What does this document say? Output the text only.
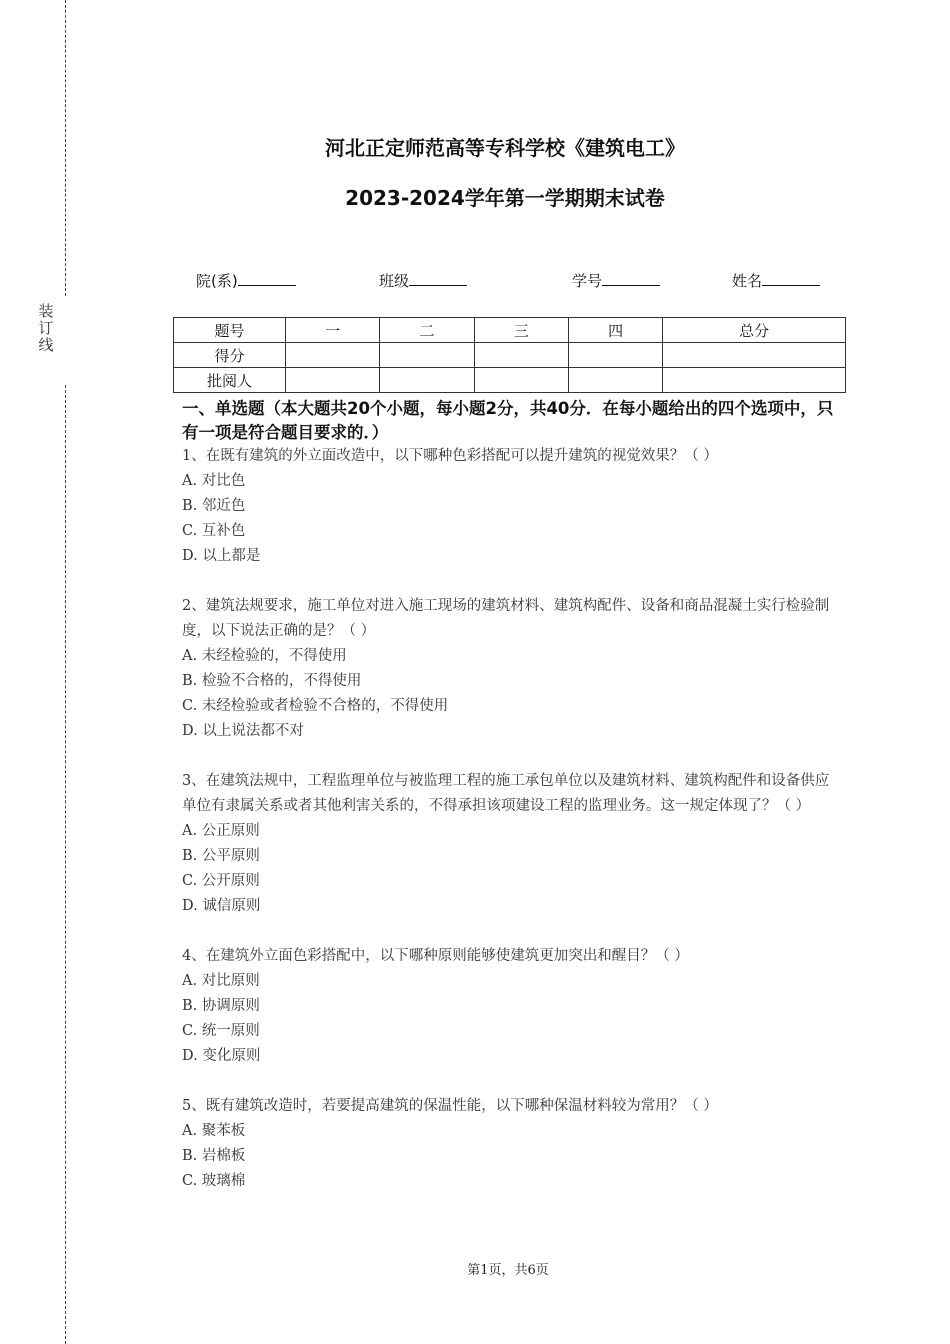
装
订
线
河北正定师范高等专科学校《建筑电工》
2023-2024学年第一学期期末试卷
院(系)	班级	学号	姓名
题号	一	二	三	四	总分
得分					
批阅人					
一、单选题（本大题共20个小题，每小题2分，共40分．在每小题给出的四个选项中，只有一项是符合题目要求的．）

1、在既有建筑的外立面改造中，以下哪种色彩搭配可以提升建筑的视觉效果？（ ）

A. 对比色

B. 邻近色

C. 互补色

D. 以上都是

2、建筑法规要求，施工单位对进入施工现场的建筑材料、建筑构配件、设备和商品混凝土实行检验制度，以下说法正确的是？（ ）

A. 未经检验的，不得使用

B. 检验不合格的，不得使用

C. 未经检验或者检验不合格的，不得使用

D. 以上说法都不对

3、在建筑法规中，工程监理单位与被监理工程的施工承包单位以及建筑材料、建筑构配件和设备供应单位有隶属关系或者其他利害关系的，不得承担该项建设工程的监理业务。这一规定体现了？（ ）

A. 公正原则

B. 公平原则

C. 公开原则

D. 诚信原则

4、在建筑外立面色彩搭配中，以下哪种原则能够使建筑更加突出和醒目？（ ）

A. 对比原则

B. 协调原则

C. 统一原则

D. 变化原则

5、既有建筑改造时，若要提高建筑的保温性能，以下哪种保温材料较为常用？（ ）

A. 聚苯板

B. 岩棉板

C. 玻璃棉

第1页，共6页
